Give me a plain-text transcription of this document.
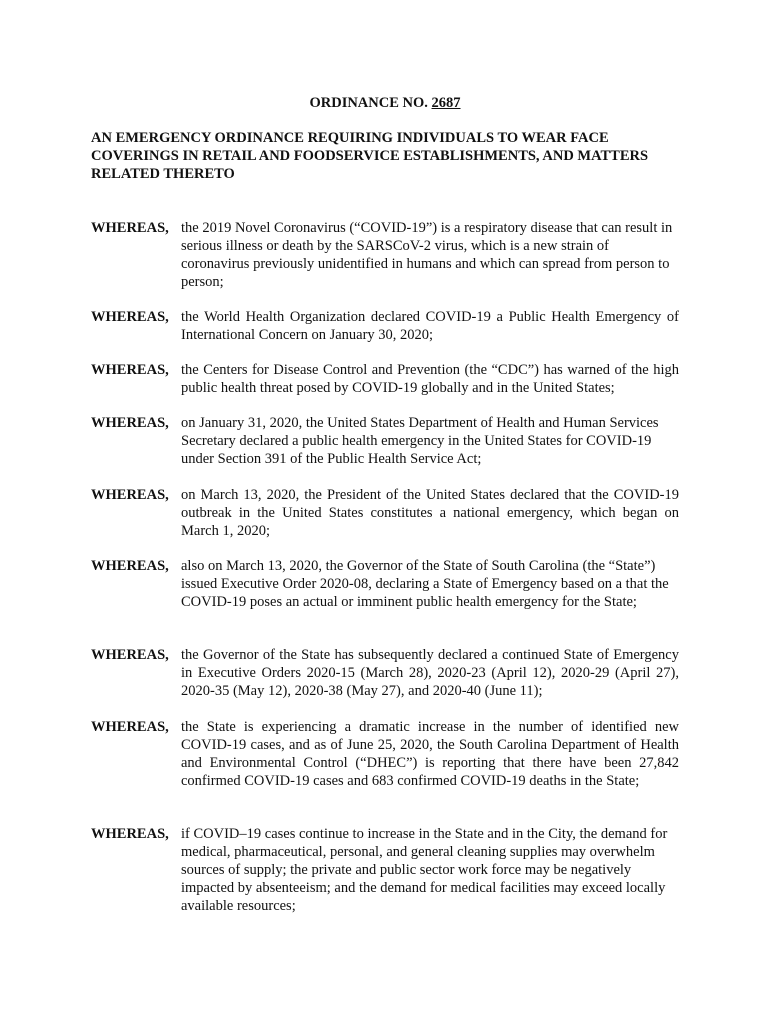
ORDINANCE NO. 2687
AN EMERGENCY ORDINANCE REQUIRING INDIVIDUALS TO WEAR FACE COVERINGS IN RETAIL AND FOODSERVICE ESTABLISHMENTS, AND MATTERS RELATED THERETO
WHEREAS, the 2019 Novel Coronavirus (“COVID-19”) is a respiratory disease that can result in serious illness or death by the SARSCoV-2 virus, which is a new strain of coronavirus previously unidentified in humans and which can spread from person to person;
WHEREAS, the World Health Organization declared COVID-19 a Public Health Emergency of International Concern on January 30, 2020;
WHEREAS, the Centers for Disease Control and Prevention (the “CDC”) has warned of the high public health threat posed by COVID-19 globally and in the United States;
WHEREAS, on January 31, 2020, the United States Department of Health and Human Services Secretary declared a public health emergency in the United States for COVID-19 under Section 391 of the Public Health Service Act;
WHEREAS, on March 13, 2020, the President of the United States declared that the COVID-19 outbreak in the United States constitutes a national emergency, which began on March 1, 2020;
WHEREAS, also on March 13, 2020, the Governor of the State of South Carolina (the “State”) issued Executive Order 2020-08, declaring a State of Emergency based on a that the COVID-19 poses an actual or imminent public health emergency for the State;
WHEREAS, the Governor of the State has subsequently declared a continued State of Emergency in Executive Orders 2020-15 (March 28), 2020-23 (April 12), 2020-29 (April 27), 2020-35 (May 12), 2020-38 (May 27), and 2020-40 (June 11);
WHEREAS, the State is experiencing a dramatic increase in the number of identified new COVID-19 cases, and as of June 25, 2020, the South Carolina Department of Health and Environmental Control (“DHEC”) is reporting that there have been 27,842 confirmed COVID-19 cases and 683 confirmed COVID-19 deaths in the State;
WHEREAS, if COVID–19 cases continue to increase in the State and in the City, the demand for medical, pharmaceutical, personal, and general cleaning supplies may overwhelm sources of supply; the private and public sector work force may be negatively impacted by absenteeism; and the demand for medical facilities may exceed locally available resources;
